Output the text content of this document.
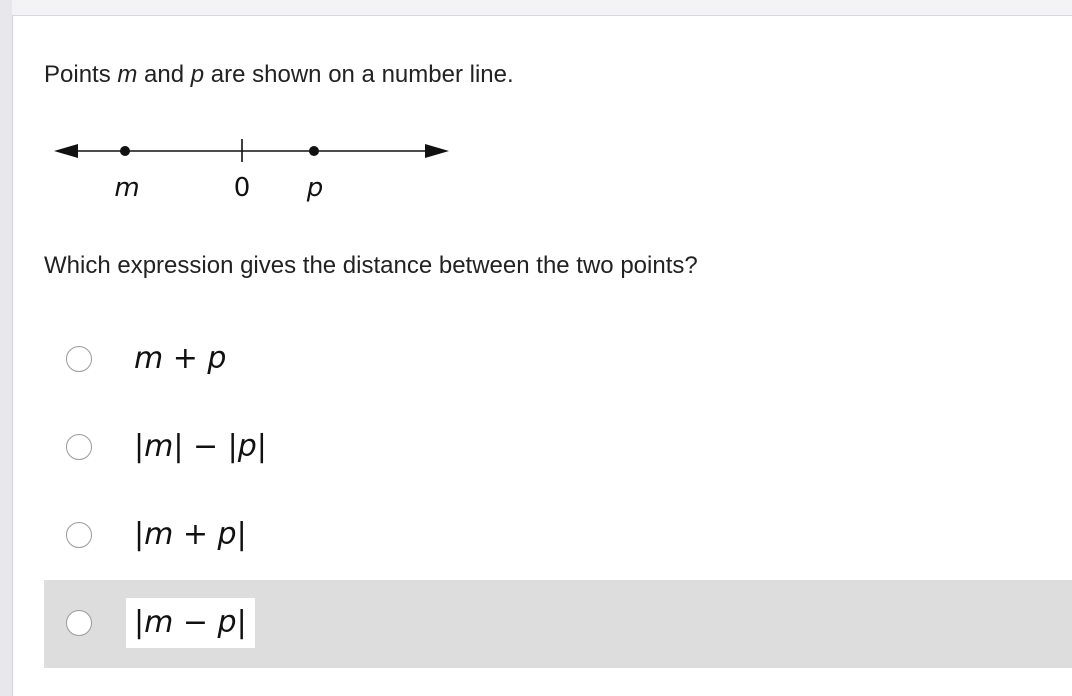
Points m and p are shown on a number line.

m	0 p

Which expression gives the distance between the two points?

m + p
|m| − |p|
|m + p|
|m − p|
